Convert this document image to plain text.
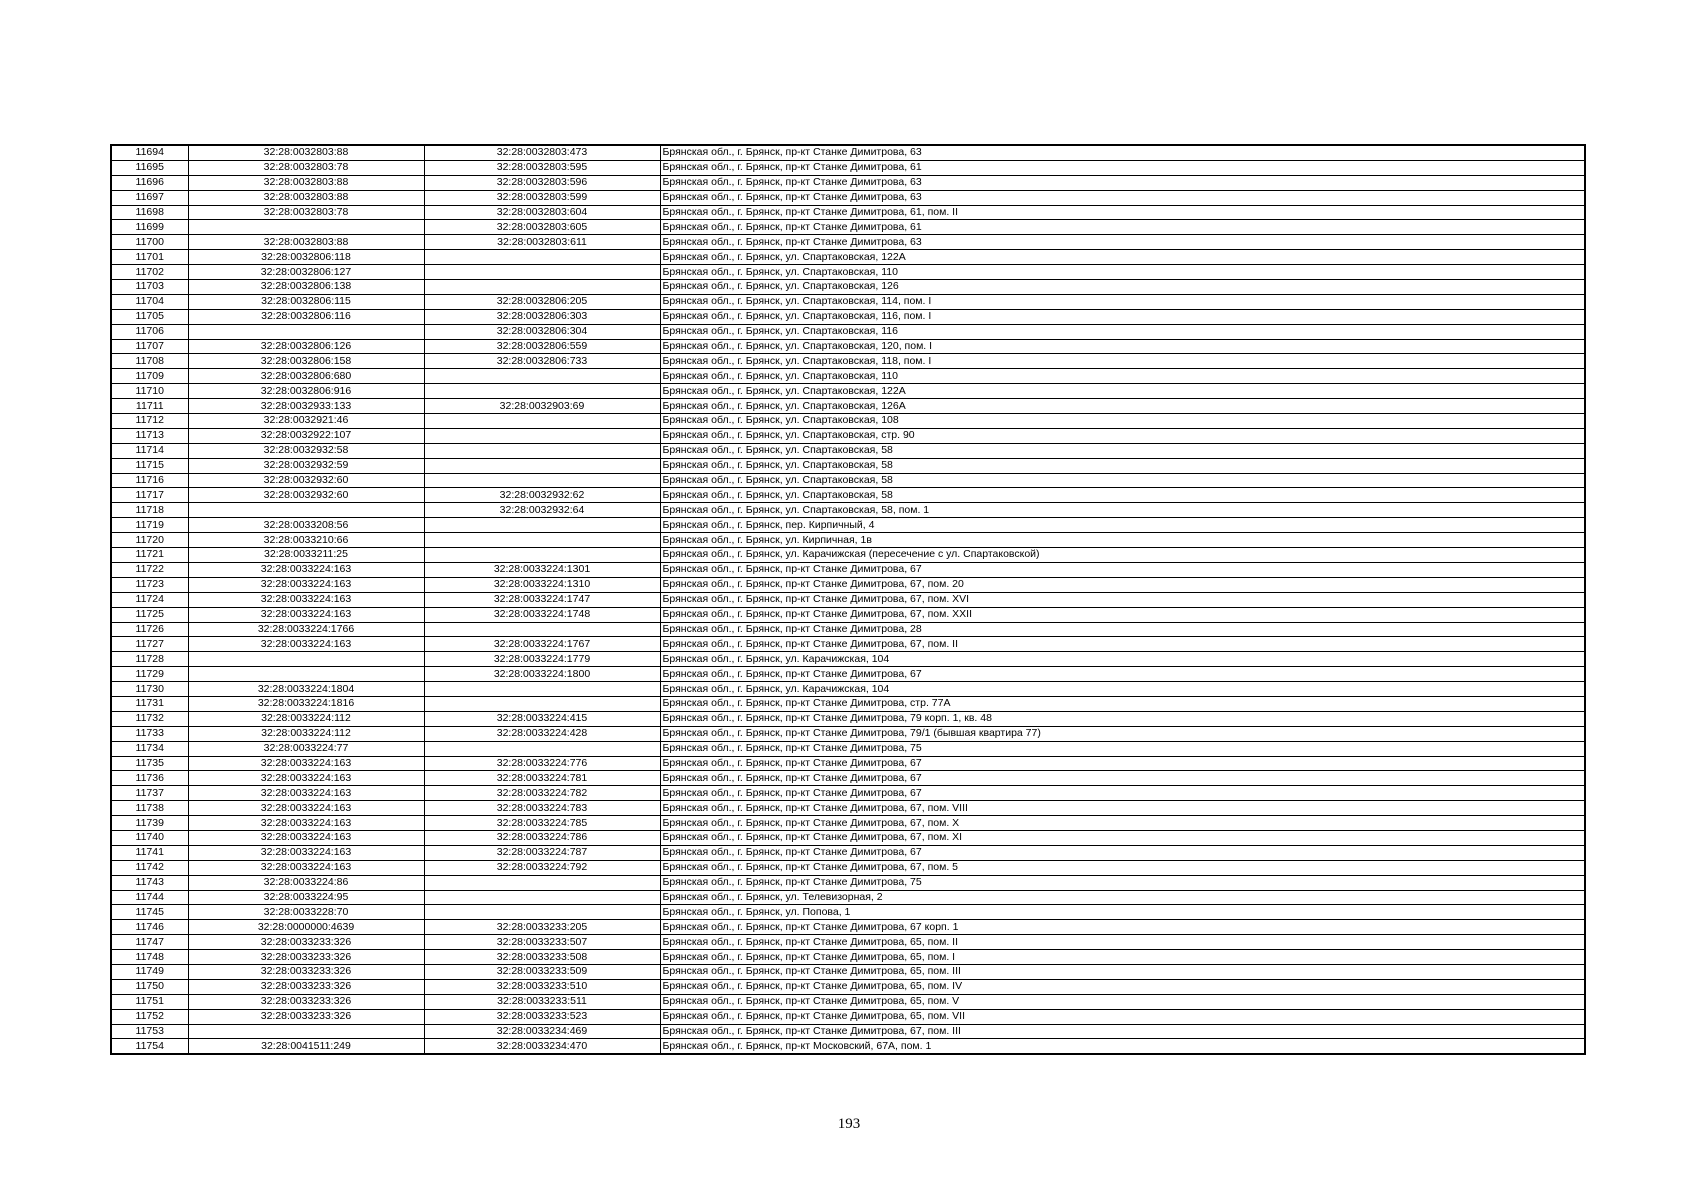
11694	32:28:0032803:88	32:28:0032803:473	Брянская обл., г. Брянск, пр-кт Станке Димитрова, 63
11695	32:28:0032803:78	32:28:0032803:595	Брянская обл., г. Брянск, пр-кт Станке Димитрова, 61
11696	32:28:0032803:88	32:28:0032803:596	Брянская обл., г. Брянск, пр-кт Станке Димитрова, 63
11697	32:28:0032803:88	32:28:0032803:599	Брянская обл., г. Брянск, пр-кт Станке Димитрова, 63
11698	32:28:0032803:78	32:28:0032803:604	Брянская обл., г. Брянск, пр-кт Станке Димитрова, 61, пом. II
11699		32:28:0032803:605	Брянская обл., г. Брянск, пр-кт Станке Димитрова, 61
11700	32:28:0032803:88	32:28:0032803:611	Брянская обл., г. Брянск, пр-кт Станке Димитрова, 63
11701	32:28:0032806:118		Брянская обл., г. Брянск, ул. Спартаковская, 122А
11702	32:28:0032806:127		Брянская обл., г. Брянск, ул. Спартаковская, 110
11703	32:28:0032806:138		Брянская обл., г. Брянск, ул. Спартаковская, 126
11704	32:28:0032806:115	32:28:0032806:205	Брянская обл., г. Брянск, ул. Спартаковская, 114, пом. I
11705	32:28:0032806:116	32:28:0032806:303	Брянская обл., г. Брянск, ул. Спартаковская, 116, пом. I
11706		32:28:0032806:304	Брянская обл., г. Брянск, ул. Спартаковская, 116
11707	32:28:0032806:126	32:28:0032806:559	Брянская обл., г. Брянск, ул. Спартаковская, 120, пом. I
11708	32:28:0032806:158	32:28:0032806:733	Брянская обл., г. Брянск, ул. Спартаковская, 118, пом. I
11709	32:28:0032806:680		Брянская обл., г. Брянск, ул. Спартаковская, 110
11710	32:28:0032806:916		Брянская обл., г. Брянск, ул. Спартаковская, 122А
11711	32:28:0032933:133	32:28:0032903:69	Брянская обл., г. Брянск, ул. Спартаковская, 126А
11712	32:28:0032921:46		Брянская обл., г. Брянск, ул. Спартаковская, 108
11713	32:28:0032922:107		Брянская обл., г. Брянск, ул. Спартаковская, стр. 90
11714	32:28:0032932:58		Брянская обл., г. Брянск, ул. Спартаковская, 58
11715	32:28:0032932:59		Брянская обл., г. Брянск, ул. Спартаковская, 58
11716	32:28:0032932:60		Брянская обл., г. Брянск, ул. Спартаковская, 58
11717	32:28:0032932:60	32:28:0032932:62	Брянская обл., г. Брянск, ул. Спартаковская, 58
11718		32:28:0032932:64	Брянская обл., г. Брянск, ул. Спартаковская, 58, пом. 1
11719	32:28:0033208:56		Брянская обл., г. Брянск, пер. Кирпичный, 4
11720	32:28:0033210:66		Брянская обл., г. Брянск, ул. Кирпичная, 1в
11721	32:28:0033211:25		Брянская обл., г. Брянск, ул. Карачижская (пересечение с ул. Спартаковской)
11722	32:28:0033224:163	32:28:0033224:1301	Брянская обл., г. Брянск, пр-кт Станке Димитрова, 67
11723	32:28:0033224:163	32:28:0033224:1310	Брянская обл., г. Брянск, пр-кт Станке Димитрова, 67, пом. 20
11724	32:28:0033224:163	32:28:0033224:1747	Брянская обл., г. Брянск, пр-кт Станке Димитрова, 67, пом. XVI
11725	32:28:0033224:163	32:28:0033224:1748	Брянская обл., г. Брянск, пр-кт Станке Димитрова, 67, пом. XXII
11726	32:28:0033224:1766		Брянская обл., г. Брянск, пр-кт Станке Димитрова, 28
11727	32:28:0033224:163	32:28:0033224:1767	Брянская обл., г. Брянск, пр-кт Станке Димитрова, 67, пом. II
11728		32:28:0033224:1779	Брянская обл., г. Брянск, ул. Карачижская, 104
11729		32:28:0033224:1800	Брянская обл., г. Брянск, пр-кт Станке Димитрова, 67
11730	32:28:0033224:1804		Брянская обл., г. Брянск, ул. Карачижская, 104
11731	32:28:0033224:1816		Брянская обл., г. Брянск, пр-кт Станке Димитрова, стр. 77А
11732	32:28:0033224:112	32:28:0033224:415	Брянская обл., г. Брянск, пр-кт Станке Димитрова, 79 корп. 1, кв. 48
11733	32:28:0033224:112	32:28:0033224:428	Брянская обл., г. Брянск, пр-кт Станке Димитрова, 79/1 (бывшая квартира 77)
11734	32:28:0033224:77		Брянская обл., г. Брянск, пр-кт Станке Димитрова, 75
11735	32:28:0033224:163	32:28:0033224:776	Брянская обл., г. Брянск, пр-кт Станке Димитрова, 67
11736	32:28:0033224:163	32:28:0033224:781	Брянская обл., г. Брянск, пр-кт Станке Димитрова, 67
11737	32:28:0033224:163	32:28:0033224:782	Брянская обл., г. Брянск, пр-кт Станке Димитрова, 67
11738	32:28:0033224:163	32:28:0033224:783	Брянская обл., г. Брянск, пр-кт Станке Димитрова, 67, пом. VIII
11739	32:28:0033224:163	32:28:0033224:785	Брянская обл., г. Брянск, пр-кт Станке Димитрова, 67, пом. X
11740	32:28:0033224:163	32:28:0033224:786	Брянская обл., г. Брянск, пр-кт Станке Димитрова, 67, пом. XI
11741	32:28:0033224:163	32:28:0033224:787	Брянская обл., г. Брянск, пр-кт Станке Димитрова, 67
11742	32:28:0033224:163	32:28:0033224:792	Брянская обл., г. Брянск, пр-кт Станке Димитрова, 67, пом. 5
11743	32:28:0033224:86		Брянская обл., г. Брянск, пр-кт Станке Димитрова, 75
11744	32:28:0033224:95		Брянская обл., г. Брянск, ул. Телевизорная, 2
11745	32:28:0033228:70		Брянская обл., г. Брянск, ул. Попова, 1
11746	32:28:0000000:4639	32:28:0033233:205	Брянская обл., г. Брянск, пр-кт Станке Димитрова, 67 корп. 1
11747	32:28:0033233:326	32:28:0033233:507	Брянская обл., г. Брянск, пр-кт Станке Димитрова, 65, пом. II
11748	32:28:0033233:326	32:28:0033233:508	Брянская обл., г. Брянск, пр-кт Станке Димитрова, 65, пом. I
11749	32:28:0033233:326	32:28:0033233:509	Брянская обл., г. Брянск, пр-кт Станке Димитрова, 65, пом. III
11750	32:28:0033233:326	32:28:0033233:510	Брянская обл., г. Брянск, пр-кт Станке Димитрова, 65, пом. IV
11751	32:28:0033233:326	32:28:0033233:511	Брянская обл., г. Брянск, пр-кт Станке Димитрова, 65, пом. V
11752	32:28:0033233:326	32:28:0033233:523	Брянская обл., г. Брянск, пр-кт Станке Димитрова, 65, пом. VII
11753		32:28:0033234:469	Брянская обл., г. Брянск, пр-кт Станке Димитрова, 67, пом. III
11754	32:28:0041511:249	32:28:0033234:470	Брянская обл., г. Брянск, пр-кт Московский, 67А, пом. 1
193
